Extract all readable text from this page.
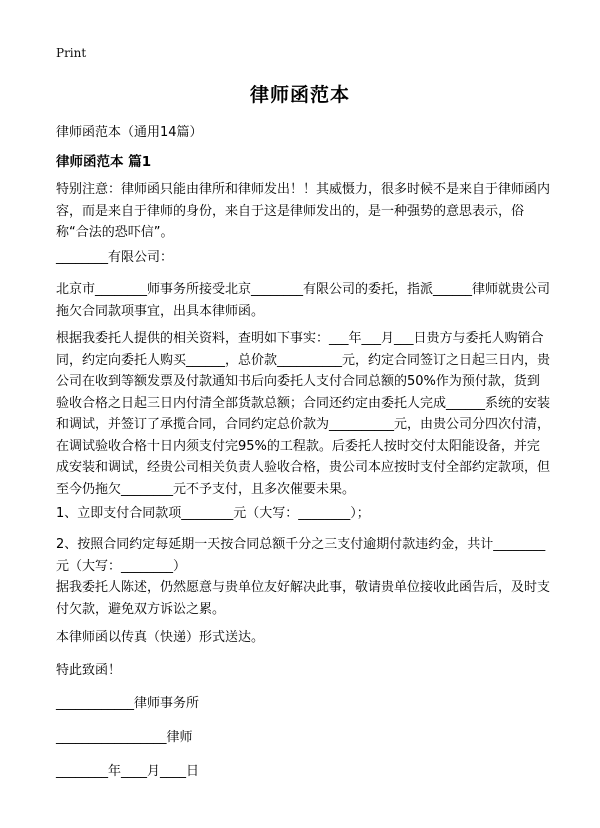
Print
律师函范本
律师函范本（通用14篇）
律师函范本 篇1

特别注意：律师函只能由律所和律师发出！！其威慑力，很多时候不是来自于律师函内容，而是来自于律师的身份，来自于这是律师发出的，是一种强势的意思表示，俗称“合法的恐吓信”。

________有限公司：

北京市________师事务所接受北京________有限公司的委托，指派______律师就贵公司拖欠合同款项事宜，出具本律师函。

根据我委托人提供的相关资料，查明如下事实：___年___月___日贵方与委托人购销合同，约定向委托人购买______，总价款__________元，约定合同签订之日起三日内，贵公司在收到等额发票及付款通知书后向委托人支付合同总额的50%作为预付款，货到验收合格之日起三日内付清全部货款总额；合同还约定由委托人完成______系统的安装和调试，并签订了承揽合同，合同约定总价款为__________元，由贵公司分四次付清，在调试验收合格十日内须支付完95%的工程款。后委托人按时交付太阳能设备，并完成安装和调试，经贵公司相关负责人验收合格，贵公司本应按时支付全部约定款项，但至今仍拖欠________元不予支付，且多次催要未果。

1、立即支付合同款项________元（大写：________）；

2、按照合同约定每延期一天按合同总额千分之三支付逾期付款违约金，共计________元（大写：________）

据我委托人陈述，仍然愿意与贵单位友好解决此事，敬请贵单位接收此函告后，及时支付欠款，避免双方诉讼之累。

本律师函以传真（快递）形式送达。

特此致函！

____________律师事务所
_________________律师
________年____月____日
